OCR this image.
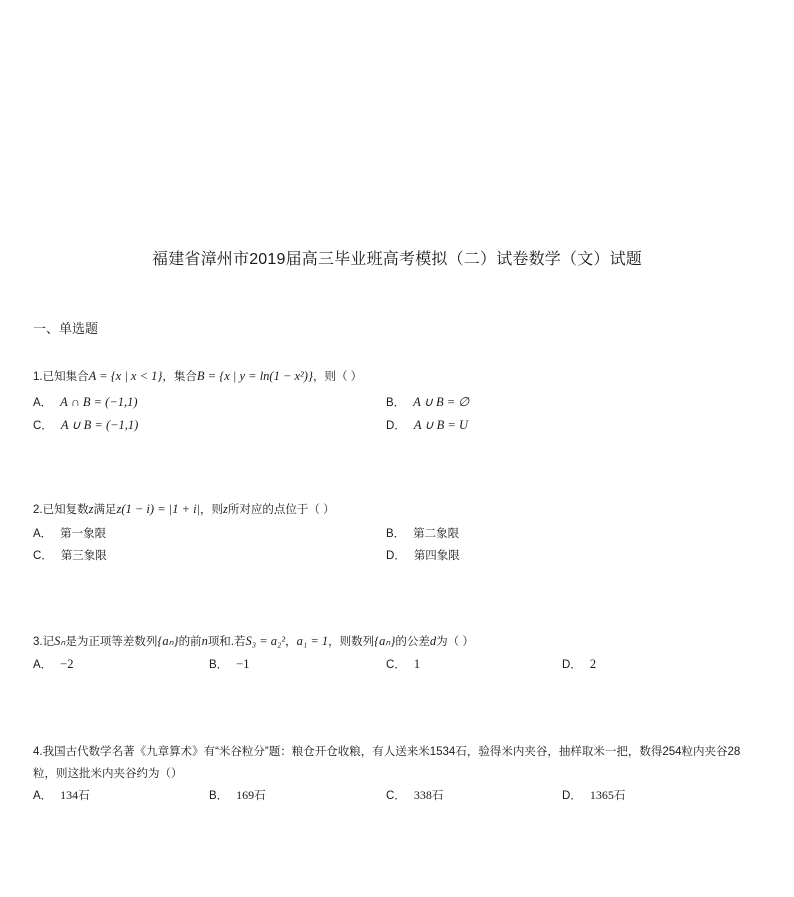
福建省漳州市2019届高三毕业班高考模拟（二）试卷数学（文）试题
一、单选题
1.已知集合A = {x | x < 1}，集合B = {x | y = ln(1 − x²)}，则（ ）
A． A ∩ B = (−1,1)	B． A ∪ B = ∅
C． A ∪ B = (−1,1)	D． A ∪ B = U
2.已知复数z满足z(1 − i) = |1 + i|，则z所对应的点位于（ ）
A． 第一象限	B． 第二象限
C． 第三象限	D． 第四象限
3.记Sₙ是为正项等差数列{aₙ}的前n项和.若S₃ = a₂²，a₁ = 1，则数列{aₙ}的公差d为（ ）
A． −2	B． −1	C． 1	D． 2
4.我国古代数学名著《九章算术》有“米谷粒分”题：粮仓开仓收粮，有人送来米1534石，验得米内夹谷，抽样取米一把，数得254粒内夹谷28
粒，则这批米内夹谷约为（）
A． 134石	B． 169石	C． 338石	D． 1365石
